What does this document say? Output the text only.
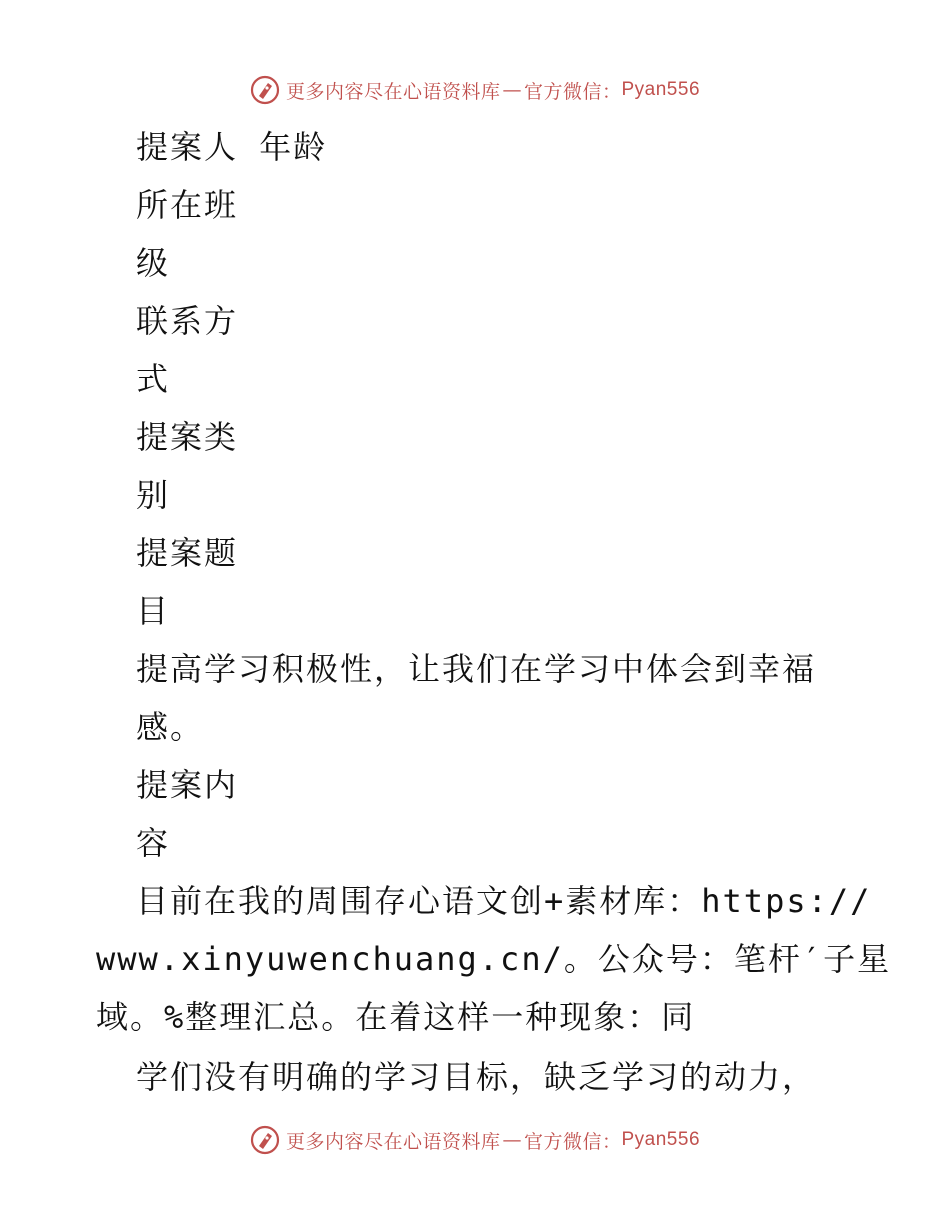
更多内容尽在心语资料库 — 官方微信： Pyan556
提案人 年龄
所在班
级
联系方
式
提案类
别
提案题
目
提高学习积极性，让我们在学习中体会到幸福
感。
提案内
容
目前在我的周围存心语文创+素材库：https://
www.xinyuwenchuang.cn/。公众号：笔杆′子星
域。%整理汇总。在着这样一种现象：同
学们没有明确的学习目标，缺乏学习的动力，
更多内容尽在心语资料库 — 官方微信： Pyan556
